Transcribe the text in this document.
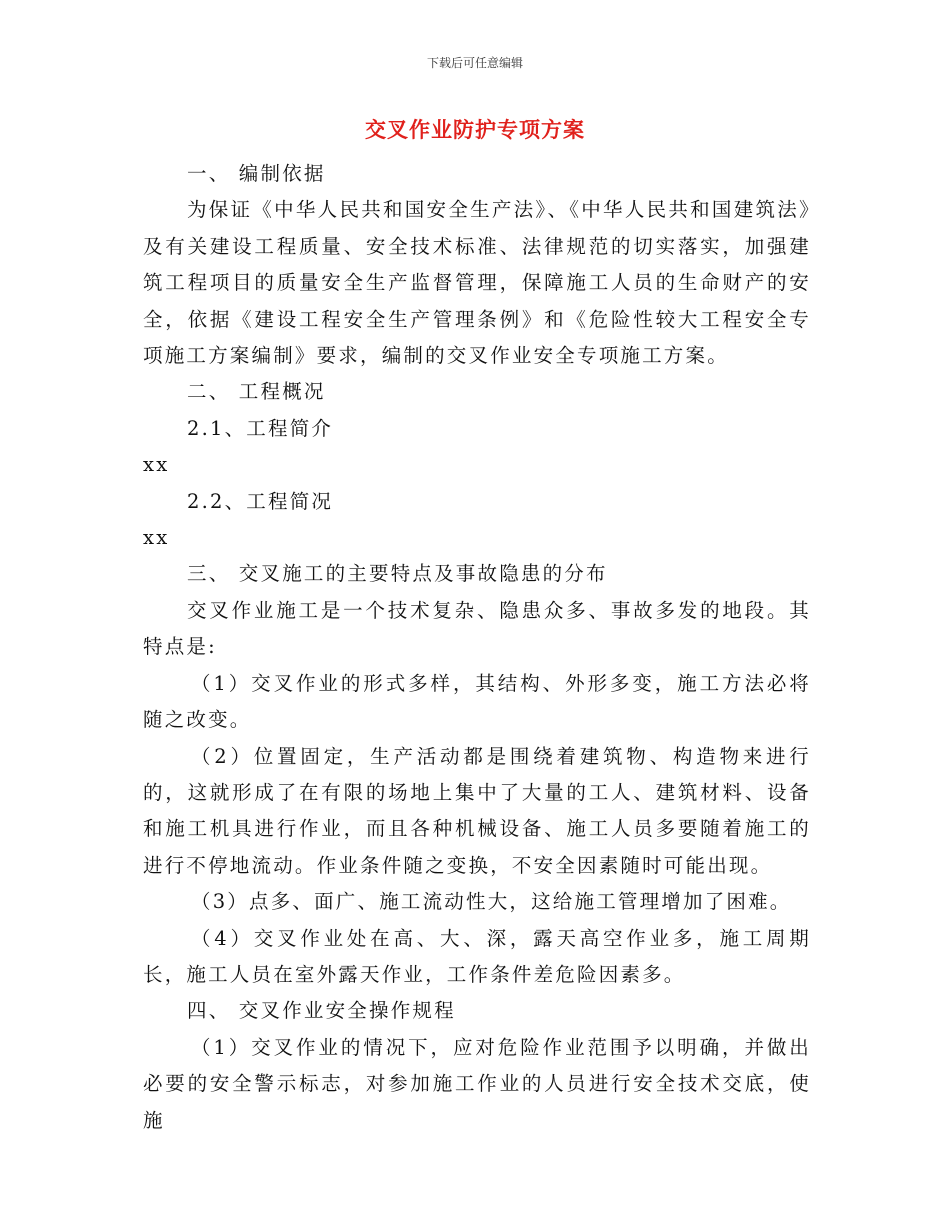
下载后可任意编辑
交叉作业防护专项方案

一、 编制依据

为保证《中华人民共和国安全生产法》、《中华人民共和国建筑法》及有关建设工程质量、安全技术标准、法律规范的切实落实，加强建筑工程项目的质量安全生产监督管理，保障施工人员的生命财产的安全，依据《建设工程安全生产管理条例》和《危险性较大工程安全专项施工方案编制》要求，编制的交叉作业安全专项施工方案。

二、 工程概况

2.1、工程简介

xx

2.2、工程简况

xx

三、 交叉施工的主要特点及事故隐患的分布

交叉作业施工是一个技术复杂、隐患众多、事故多发的地段。其特点是:

（1）交叉作业的形式多样，其结构、外形多变，施工方法必将随之改变。

（2）位置固定，生产活动都是围绕着建筑物、构造物来进行的，这就形成了在有限的场地上集中了大量的工人、建筑材料、设备和施工机具进行作业，而且各种机械设备、施工人员多要随着施工的进行不停地流动。作业条件随之变换，不安全因素随时可能出现。

（3）点多、面广、施工流动性大，这给施工管理增加了困难。

（4）交叉作业处在高、大、深，露天高空作业多，施工周期长，施工人员在室外露天作业，工作条件差危险因素多。

四、 交叉作业安全操作规程

（1）交叉作业的情况下，应对危险作业范围予以明确，并做出必要的安全警示标志，对参加施工作业的人员进行安全技术交底，使施
